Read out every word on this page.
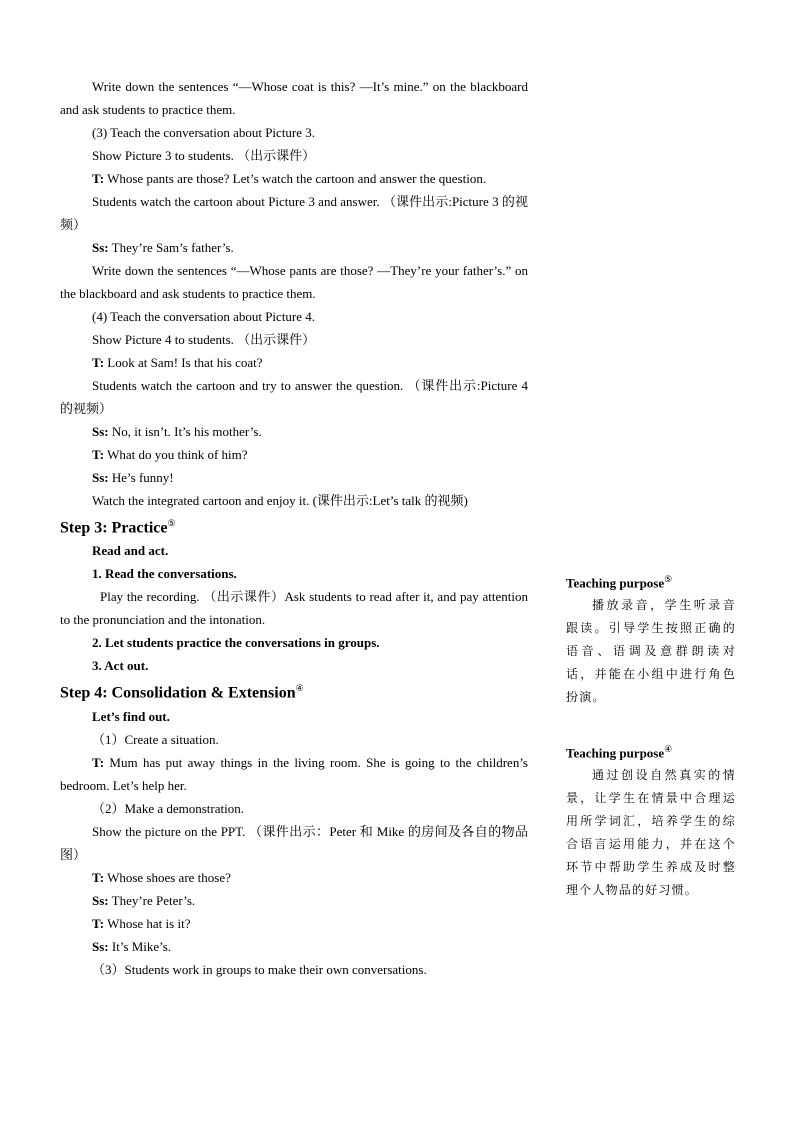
Write down the sentences “—Whose coat is this? —It’s mine.” on the blackboard and ask students to practice them.

(3) Teach the conversation about Picture 3.

Show Picture 3 to students. （出示课件）

T: Whose pants are those? Let’s watch the cartoon and answer the question.

Students watch the cartoon about Picture 3 and answer. （课件出示:Picture 3 的视频）

Ss: They’re Sam’s father’s.

Write down the sentences “—Whose pants are those? —They’re your father’s.” on the blackboard and ask students to practice them.

(4) Teach the conversation about Picture 4.

Show Picture 4 to students. （出示课件）

T: Look at Sam! Is that his coat?

Students watch the cartoon and try to answer the question. （课件出示:Picture 4 的视频）

Ss: No, it isn’t. It’s his mother’s.

T: What do you think of him?

Ss: He’s funny!

Watch the integrated cartoon and enjoy it. (课件出示:Let’s talk 的视频)

Step 3: Practice⑤

Read and act.

1. Read the conversations.

Play the recording. （出示课件）Ask students to read after it, and pay attention to the pronunciation and the intonation.

2. Let students practice the conversations in groups.

3. Act out.

Step 4: Consolidation & Extension④

Let’s find out.

（1）Create a situation.

T: Mum has put away things in the living room. She is going to the children’s bedroom. Let’s help her.

（2）Make a demonstration.

Show the picture on the PPT. （课件出示：Peter 和 Mike 的房间及各自的物品图）

T: Whose shoes are those?

Ss: They’re Peter’s.

T: Whose hat is it?

Ss: It’s Mike’s.

（3）Students work in groups to make their own conversations.

Teaching purpose⑤

播放录音，学生听录音跟读。引导学生按照正确的语音、语调及意群朗读对话，并能在小组中进行角色扮演。

Teaching purpose④

通过创设自然真实的情景，让学生在情景中合理运用所学词汇，培养学生的综合语言运用能力，并在这个环节中帮助学生养成及时整理个人物品的好习惯。
